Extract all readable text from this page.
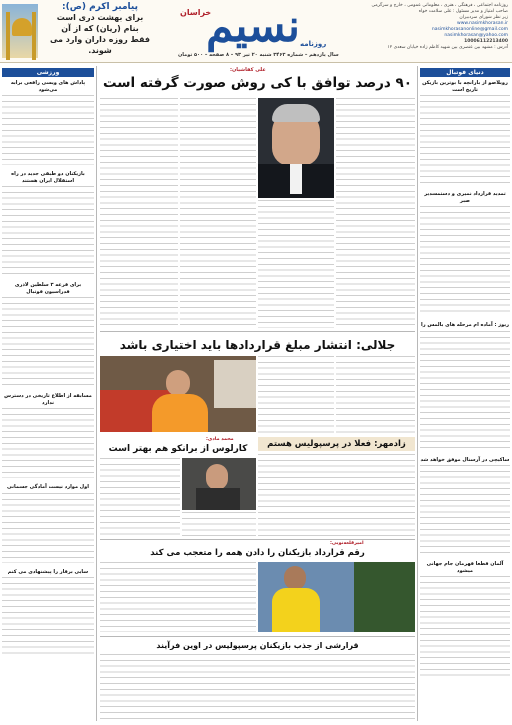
روزنامه اجتماعی ، فرهنگی ، هنری ، معلوماتی عمومی ، خارج و سرگرمی
صاحب امتیاز و مدیر مسئول : علی سلامت خواه
زیر نظر شورای سردبیران
www.nasimkhorasan.ir
nasimkhorasanonline@gmail.com
nasimkhorasan@yahoo.com
10006112213400
آدرس : مشهد بین عنصری بین شهید کاظم زاده خیابان سعدی ۱۲
نسیم
خراسان
روزنامه
سال یازدهم – شماره ۳۴۶۳ شنبه ۲۰ تیر ۹۳ – ۸ صفحه – ۵۰۰ تومان
پیامبر اکرم (ص):
برای بهشت دری است
بنام (ریان) که از آن
فقط روزه داران وارد می شوند.
ورزشی
پاداش های ویسی رافعی برابه می‌شود
بازیکنان دو طبقی جدید در راه استقلال ایران هستند
برای قرعه ۳ سلطین لاذری فدراسیون فوتبال
مسابقه از اطلاع تاریخی در دسترس ندارد
اول موارد نیست آمادگی جسمانی
سایی برقار را پیشنهادی می کنم
دنیای فوتبال
روبلاصو از بارانچه با بوترین بازیکن تاریخ است
تمدید قرارداد نمیری و دستمسدیر صبر
ریوز : آماده ام مرحله های بالمس را
ساکیچی در آرسنال موفق خواهد شد
آلمان قطعا قهرمان جام جهانی میشود
علی کفاشیان:
۹۰ درصد توافق با کی روش صورت گرفته است
جلالی: انتشار مبلغ قراردادها باید اختیاری باشد
محمد مادی:
کارلوس از برانکو هم بهتر است	زادمهر: فعلا در پرسپولیس هستم
امیرقلعه‌نویی:
رقم قرارداد بازیکنان را دادن همه را متعجب می کند
قرارشی از جذب بازیکنان پرسپولیس در اوین فرآیند
